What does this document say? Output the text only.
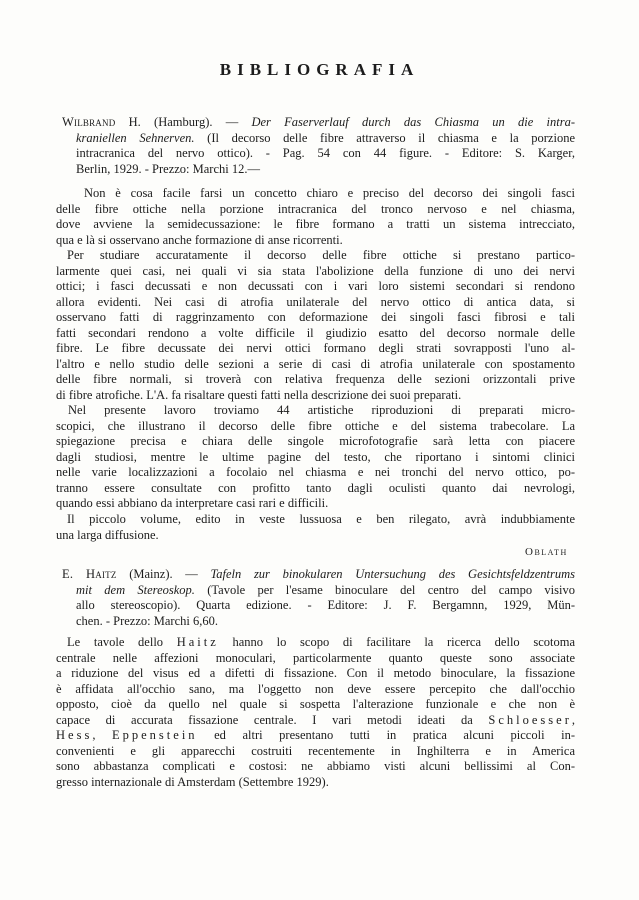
BIBLIOGRAFIA
Wilbrand H. (Hamburg). — Der Faserverlauf durch das Chiasma un die intra-
kraniellen Sehnerven. (Il decorso delle fibre attraverso il chiasma e la porzione
intracranica del nervo ottico). - Pag. 54 con 44 figure. - Editore: S. Karger,
Berlin, 1929. - Prezzo: Marchi 12.—
Non è cosa facile farsi un concetto chiaro e preciso del decorso dei singoli fasci
delle fibre ottiche nella porzione intracranica del tronco nervoso e nel chiasma,
dove avviene la semidecussazione: le fibre formano a tratti un sistema intrecciato,
qua e là si osservano anche formazione di anse ricorrenti.
Per studiare accuratamente il decorso delle fibre ottiche si prestano partico-
larmente quei casi, nei quali vi sia stata l'abolizione della funzione di uno dei nervi
ottici; i fasci decussati e non decussati con i vari loro sistemi secondari si rendono
allora evidenti. Nei casi di atrofia unilaterale del nervo ottico di antica data, si
osservano fatti di raggrinzamento con deformazione dei singoli fasci fibrosi e tali
fatti secondari rendono a volte difficile il giudizio esatto del decorso normale delle
fibre. Le fibre decussate dei nervi ottici formano degli strati sovrapposti l'uno al-
l'altro e nello studio delle sezioni a serie di casi di atrofia unilaterale con spostamento
delle fibre normali, si troverà con relativa frequenza delle sezioni orizzontali prive
di fibre atrofiche. L'A. fa risaltare questi fatti nella descrizione dei suoi preparati.
Nel presente lavoro troviamo 44 artistiche riproduzioni di preparati micro-
scopici, che illustrano il decorso delle fibre ottiche e del sistema trabecolare. La
spiegazione precisa e chiara delle singole microfotografie sarà letta con piacere
dagli studiosi, mentre le ultime pagine del testo, che riportano i sintomi clinici
nelle varie localizzazioni a focolaio nel chiasma e nei tronchi del nervo ottico, po-
tranno essere consultate con profitto tanto dagli oculisti quanto dai nevrologi,
quando essi abbiano da interpretare casi rari e difficili.
Il piccolo volume, edito in veste lussuosa e ben rilegato, avrà indubbiamente
una larga diffusione.
Oblath
E. Haitz (Mainz). — Tafeln zur binokularen Untersuchung des Gesichtsfeldzentrums
mit dem Stereoskop. (Tavole per l'esame binoculare del centro del campo visivo
allo stereoscopio). Quarta edizione. - Editore: J. F. Bergamnn, 1929, Mün-
chen. - Prezzo: Marchi 6,60.
Le tavole dello Haitz hanno lo scopo di facilitare la ricerca dello scotoma
centrale nelle affezioni monoculari, particolarmente quanto queste sono associate
a riduzione del visus ed a difetti di fissazione. Con il metodo binoculare, la fissazione
è affidata all'occhio sano, ma l'oggetto non deve essere percepito che dall'occhio
opposto, cioè da quello nel quale si sospetta l'alterazione funzionale e che non è
capace di accurata fissazione centrale. I vari metodi ideati da Schloesser,
Hess, Eppenstein ed altri presentano tutti in pratica alcuni piccoli in-
convenienti e gli apparecchi costruiti recentemente in Inghilterra e in America
sono abbastanza complicati e costosi: ne abbiamo visti alcuni bellissimi al Con-
gresso internazionale di Amsterdam (Settembre 1929).
